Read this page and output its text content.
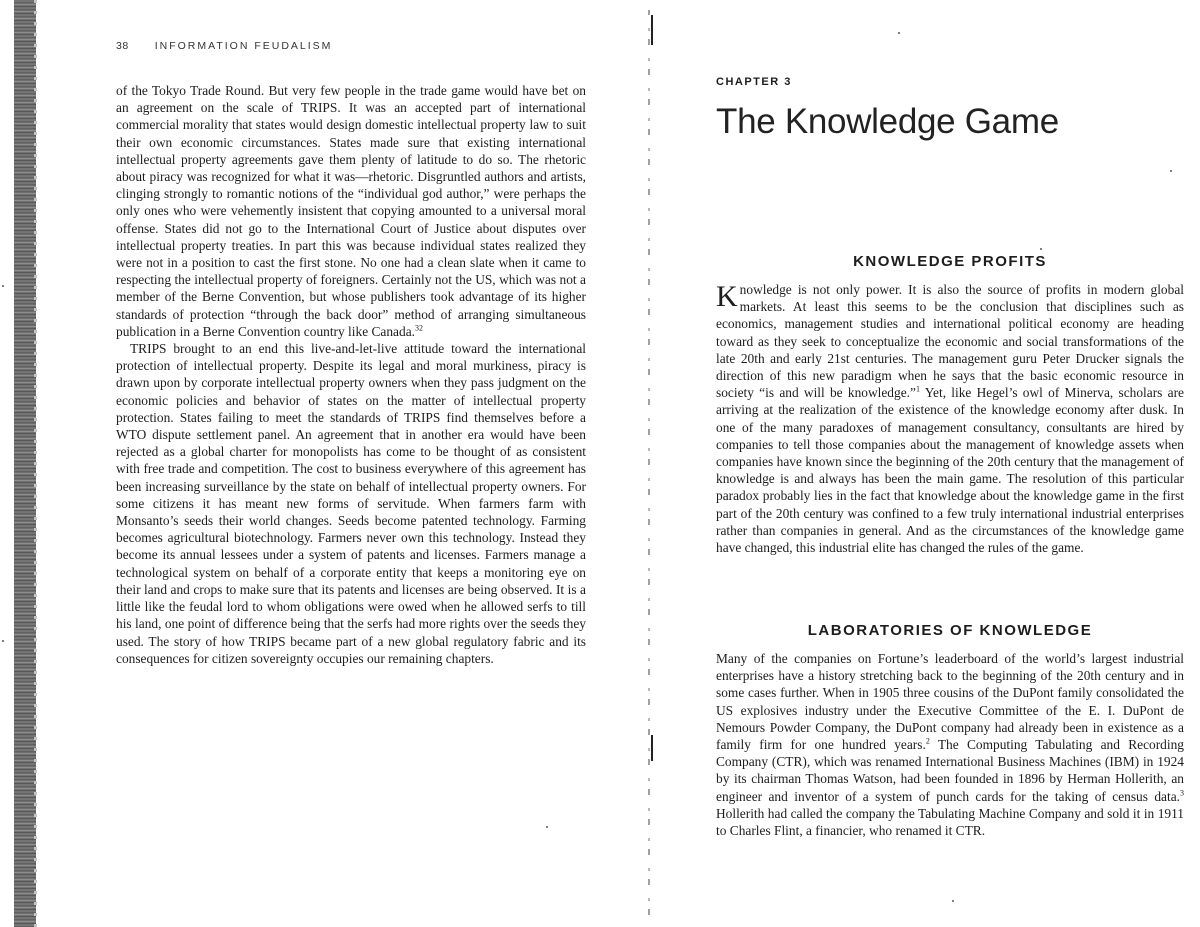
38 INFORMATION FEUDALISM

of the Tokyo Trade Round. But very few people in the trade game would have bet on an agreement on the scale of TRIPS. It was an accepted part of international commercial morality that states would design domestic intellectual property law to suit their own economic circumstances. States made sure that existing international intellectual property agreements gave them plenty of latitude to do so. The rhetoric about piracy was recognized for what it was—rhetoric. Disgruntled authors and artists, clinging strongly to romantic notions of the “individual god author,” were perhaps the only ones who were vehemently insistent that copying amounted to a universal moral offense. States did not go to the International Court of Justice about disputes over intellectual property treaties. In part this was because individual states realized they were not in a position to cast the first stone. No one had a clean slate when it came to respecting the intellectual property of foreigners. Certainly not the US, which was not a member of the Berne Convention, but whose publishers took advantage of its higher standards of protection “through the back door” method of arranging simultaneous publication in a Berne Convention country like Canada.$^{32}$

TRIPS brought to an end this live-and-let-live attitude toward the international protection of intellectual property. Despite its legal and moral murkiness, piracy is drawn upon by corporate intellectual property owners when they pass judgment on the economic policies and behavior of states on the matter of intellectual property protection. States failing to meet the standards of TRIPS find themselves before a WTO dispute settlement panel. An agreement that in another era would have been rejected as a global charter for monopolists has come to be thought of as consistent with free trade and competition. The cost to business everywhere of this agreement has been increasing surveillance by the state on behalf of intellectual property owners. For some citizens it has meant new forms of servitude. When farmers farm with Monsanto’s seeds their world changes. Seeds become patented technology. Farming becomes agricultural biotechnology. Farmers never own this technology. Instead they become its annual lessees under a system of patents and licenses. Farmers manage a technological system on behalf of a corporate entity that keeps a monitoring eye on their land and crops to make sure that its patents and licenses are being observed. It is a little like the feudal lord to whom obligations were owed when he allowed serfs to till his land, one point of difference being that the serfs had more rights over the seeds they used. The story of how TRIPS became part of a new global regulatory fabric and its consequences for citizen sovereignty occupies our remaining chapters.

CHAPTER 3
The Knowledge Game
KNOWLEDGE PROFITS

Knowledge is not only power. It is also the source of profits in modern global markets. At least this seems to be the conclusion that disciplines such as economics, management studies and international political economy are heading toward as they seek to conceptualize the economic and social transformations of the late 20th and early 21st centuries. The management guru Peter Drucker signals the direction of this new paradigm when he says that the basic economic resource in society “is and will be knowledge.”$^1$ Yet, like Hegel’s owl of Minerva, scholars are arriving at the realization of the existence of the knowledge economy after dusk. In one of the many paradoxes of management consultancy, consultants are hired by companies to tell those companies about the management of knowledge assets when companies have known since the beginning of the 20th century that the management of knowledge is and always has been the main game. The resolution of this particular paradox probably lies in the fact that knowledge about the knowledge game in the first part of the 20th century was confined to a few truly international industrial enterprises rather than companies in general. And as the circumstances of the knowledge game have changed, this industrial elite has changed the rules of the game.

LABORATORIES OF KNOWLEDGE

Many of the companies on Fortune’s leaderboard of the world’s largest industrial enterprises have a history stretching back to the beginning of the 20th century and in some cases further. When in 1905 three cousins of the DuPont family consolidated the US explosives industry under the Executive Committee of the E. I. DuPont de Nemours Powder Company, the DuPont company had already been in existence as a family firm for one hundred years.$^2$ The Computing Tabulating and Recording Company (CTR), which was renamed International Business Machines (IBM) in 1924 by its chairman Thomas Watson, had been founded in 1896 by Herman Hollerith, an engineer and inventor of a system of punch cards for the taking of census data.$^3$ Hollerith had called the company the Tabulating Machine Company and sold it in 1911 to Charles Flint, a financier, who renamed it CTR.
